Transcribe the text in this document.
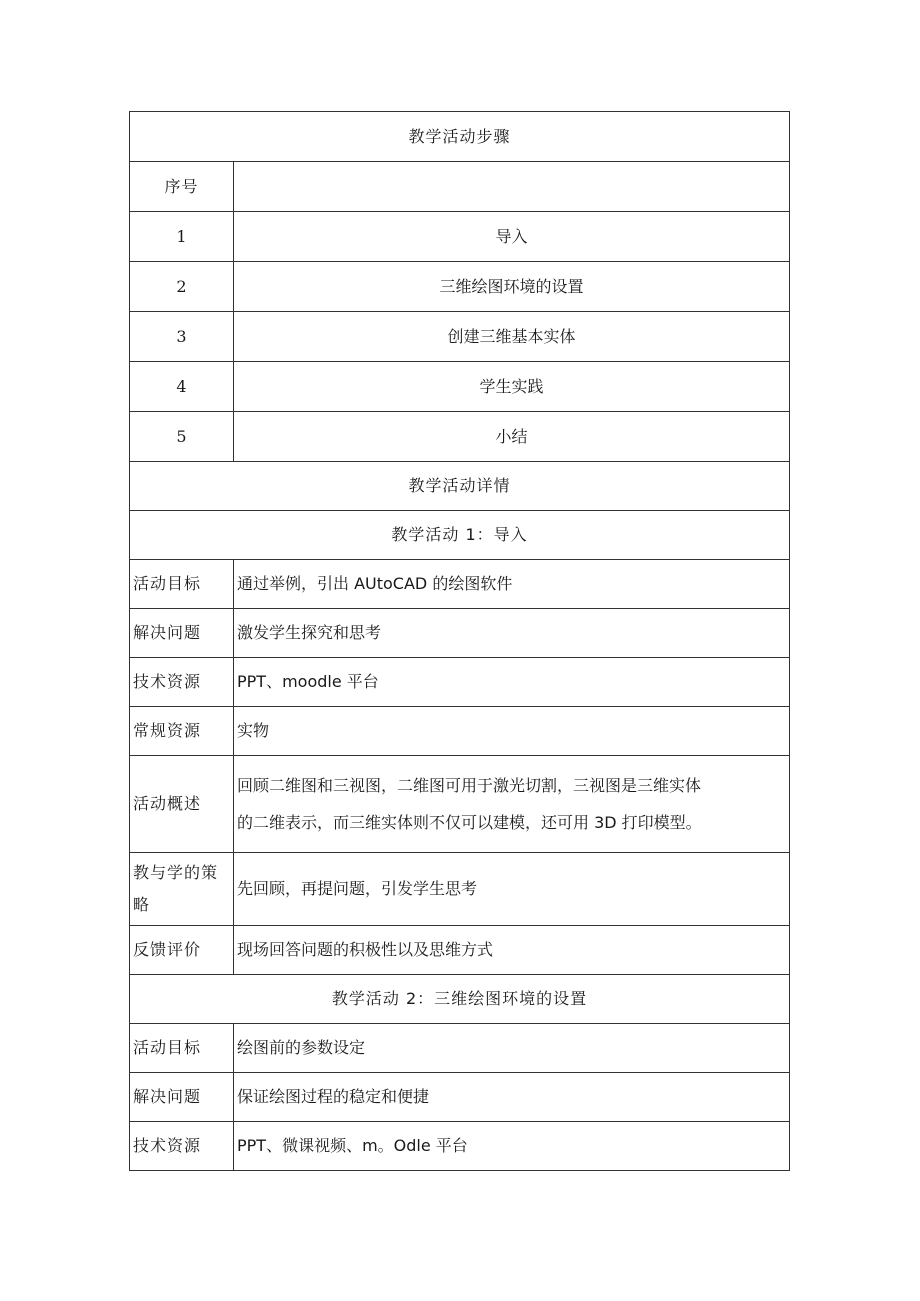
教学活动步骤	
序号	
1	导入
2	三维绘图环境的设置
3	创建三维基本实体
4	学生实践
5	小结
教学活动详情	
教学活动 1：导入	
活动目标	通过举例，引出 AUtoCAD 的绘图软件
解决问题	激发学生探究和思考
技术资源	PPT、moodle 平台
常规资源	实物
活动概述	回顾二维图和三视图，二维图可用于激光切割，三视图是三维实体
的二维表示，而三维实体则不仅可以建模，还可用 3D 打印模型。

教与学的策
略	先回顾，再提问题，引发学生思考
反馈评价	现场回答问题的积极性以及思维方式
教学活动 2：三维绘图环境的设置	
活动目标	绘图前的参数设定
解决问题	保证绘图过程的稳定和便捷
技术资源	PPT、微课视频、m。Odle 平台
